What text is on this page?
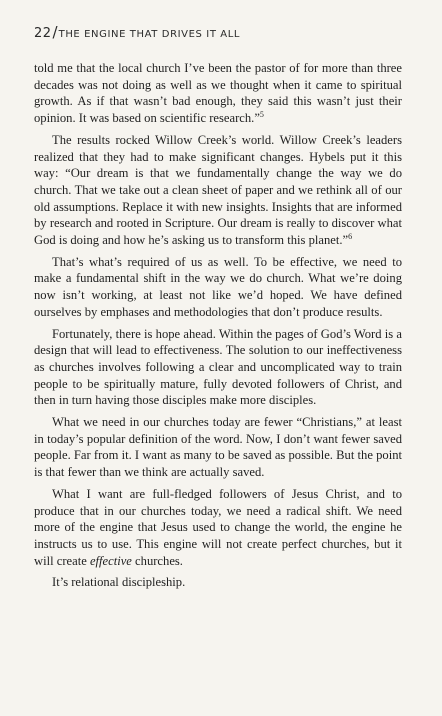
22/THE ENGINE THAT DRIVES IT ALL

told me that the local church I’ve been the pastor of for more than three decades was not doing as well as we thought when it came to spiritual growth. As if that wasn’t bad enough, they said this wasn’t just their opinion. It was based on scientific research.”$^5$

The results rocked Willow Creek’s world. Willow Creek’s leaders realized that they had to make significant changes. Hybels put it this way: “Our dream is that we fundamentally change the way we do church. That we take out a clean sheet of paper and we rethink all of our old assumptions. Replace it with new insights. Insights that are informed by research and rooted in Scripture. Our dream is really to discover what God is doing and how he’s asking us to transform this planet.”$^6$

That’s what’s required of us as well. To be effective, we need to make a fundamental shift in the way we do church. What we’re doing now isn’t working, at least not like we’d hoped. We have defined ourselves by emphases and methodologies that don’t produce results.

Fortunately, there is hope ahead. Within the pages of God’s Word is a design that will lead to effectiveness. The solution to our ineffectiveness as churches involves following a clear and uncomplicated way to train people to be spiritually mature, fully devoted followers of Christ, and then in turn having those disciples make more disciples.

What we need in our churches today are fewer “Christians,” at least in today’s popular definition of the word. Now, I don’t want fewer saved people. Far from it. I want as many to be saved as possible. But the point is that fewer than we think are actually saved.

What I want are full-fledged followers of Jesus Christ, and to produce that in our churches today, we need a radical shift. We need more of the engine that Jesus used to change the world, the engine he instructs us to use. This engine will not create perfect churches, but it will create effective churches.

It’s relational discipleship.
